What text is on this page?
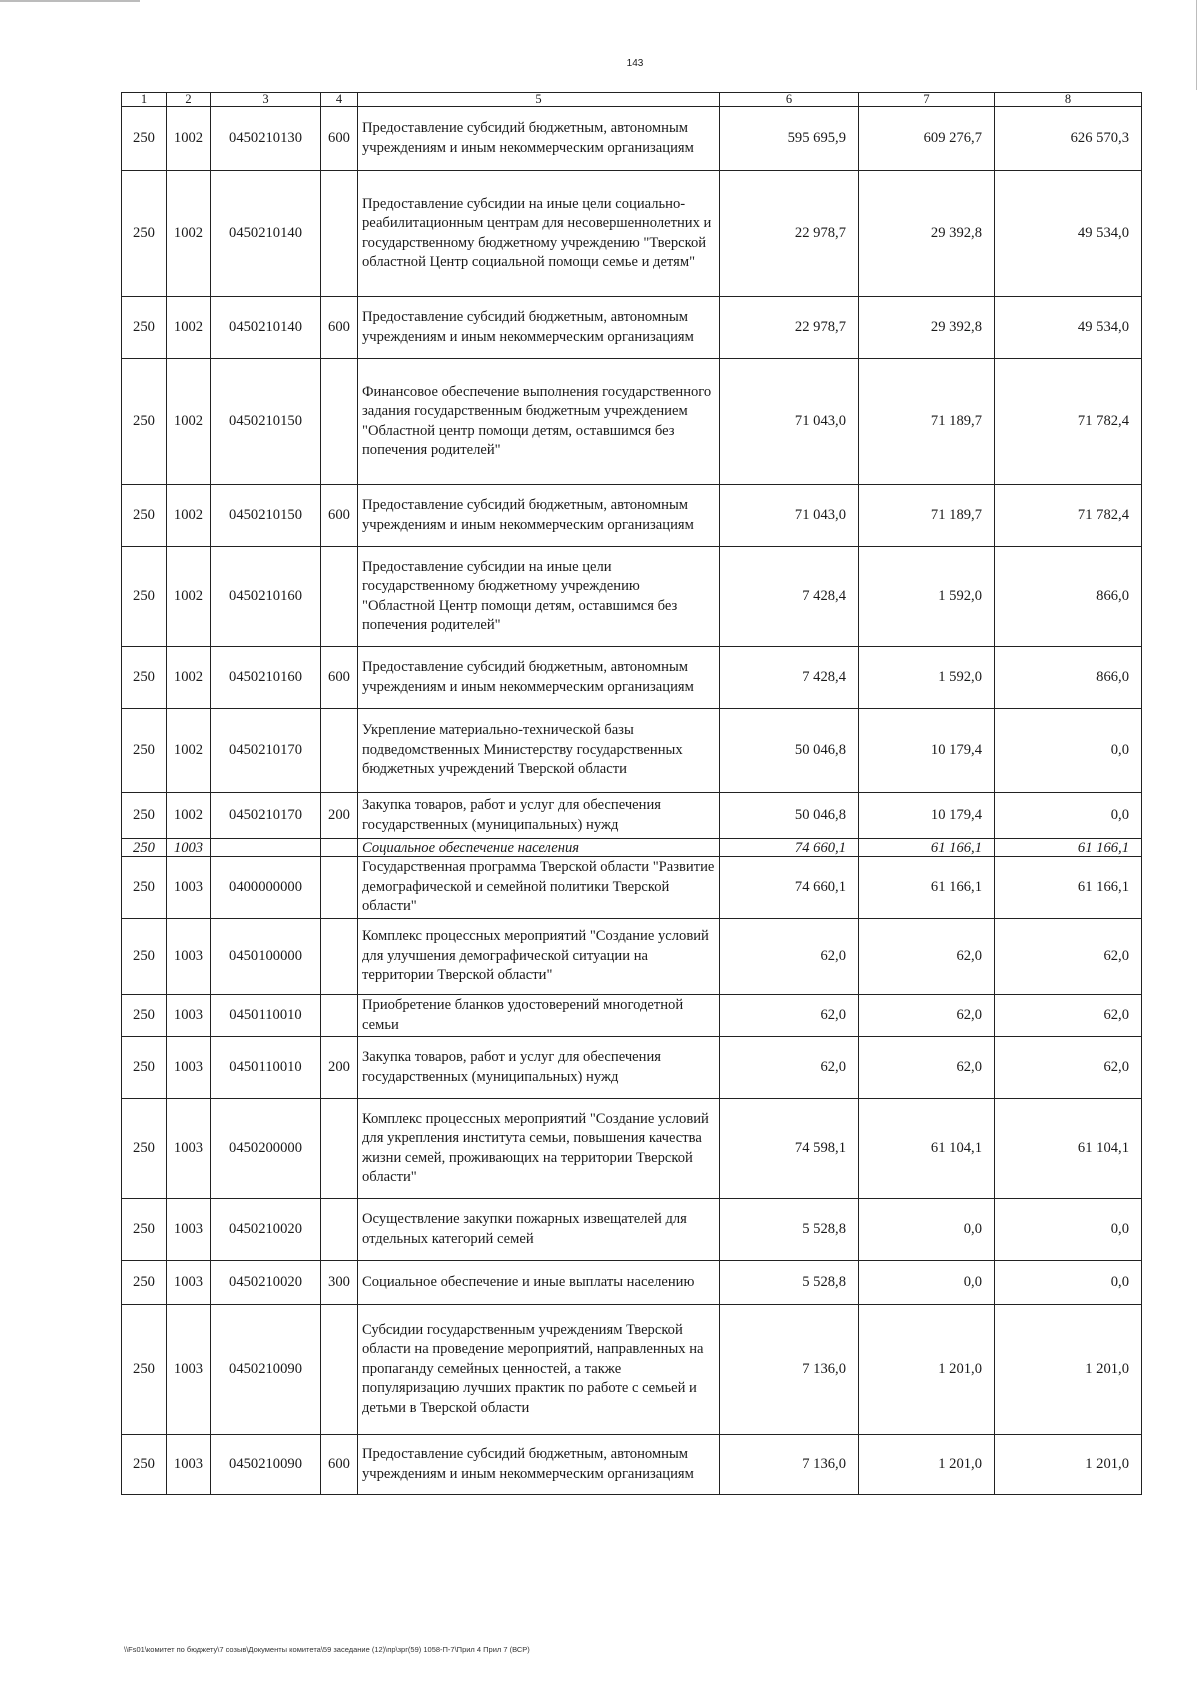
143
1	2	3	4	5	6	7	8
250	1002	0450210130	600	Предоставление субсидий бюджетным, автономным учреждениям и иным некоммерческим организациям	595 695,9	609 276,7	626 570,3
250	1002	0450210140		Предоставление субсидии на иные цели социально-реабилитационным центрам для несовершеннолетних и государственному бюджетному учреждению "Тверской областной Центр социальной помощи семье и детям"	22 978,7	29 392,8	49 534,0
250	1002	0450210140	600	Предоставление субсидий бюджетным, автономным учреждениям и иным некоммерческим организациям	22 978,7	29 392,8	49 534,0
250	1002	0450210150		Финансовое обеспечение выполнения государственного задания государственным бюджетным учреждением "Областной центр помощи детям, оставшимся без попечения родителей"	71 043,0	71 189,7	71 782,4
250	1002	0450210150	600	Предоставление субсидий бюджетным, автономным учреждениям и иным некоммерческим организациям	71 043,0	71 189,7	71 782,4
250	1002	0450210160		Предоставление субсидии на иные цели государственному бюджетному учреждению "Областной Центр помощи детям, оставшимся без попечения родителей"	7 428,4	1 592,0	866,0
250	1002	0450210160	600	Предоставление субсидий бюджетным, автономным учреждениям и иным некоммерческим организациям	7 428,4	1 592,0	866,0
250	1002	0450210170		Укрепление материально-технической базы подведомственных Министерству государственных бюджетных учреждений Тверской области	50 046,8	10 179,4	0,0
250	1002	0450210170	200	Закупка товаров, работ и услуг для обеспечения государственных (муниципальных) нужд	50 046,8	10 179,4	0,0
250	1003			Социальное обеспечение населения	74 660,1	61 166,1	61 166,1
250	1003	0400000000		Государственная программа Тверской области "Развитие демографической и семейной политики Тверской области"	74 660,1	61 166,1	61 166,1
250	1003	0450100000		Комплекс процессных мероприятий "Создание условий для улучшения демографической ситуации на территории Тверской области"	62,0	62,0	62,0
250	1003	0450110010		Приобретение бланков удостоверений многодетной семьи	62,0	62,0	62,0
250	1003	0450110010	200	Закупка товаров, работ и услуг для обеспечения государственных (муниципальных) нужд	62,0	62,0	62,0
250	1003	0450200000		Комплекс процессных мероприятий "Создание условий для укрепления института семьи, повышения качества жизни семей, проживающих на территории Тверской области"	74 598,1	61 104,1	61 104,1
250	1003	0450210020		Осуществление закупки пожарных извещателей для отдельных категорий семей	5 528,8	0,0	0,0
250	1003	0450210020	300	Социальное обеспечение и иные выплаты населению	5 528,8	0,0	0,0
250	1003	0450210090		Субсидии государственным учреждениям Тверской области на проведение мероприятий, направленных на пропаганду семейных ценностей, а также популяризацию лучших практик по работе с семьей и детьми в Тверской области	7 136,0	1 201,0	1 201,0
250	1003	0450210090	600	Предоставление субсидий бюджетным, автономным учреждениям и иным некоммерческим организациям	7 136,0	1 201,0	1 201,0
\\Fs01\комитет по бюджету\7 созыв\Документы комитета\59 заседание (12)\пр\зрг(59) 1058-П-7\Прил 4 Прил 7 (ВСР)
